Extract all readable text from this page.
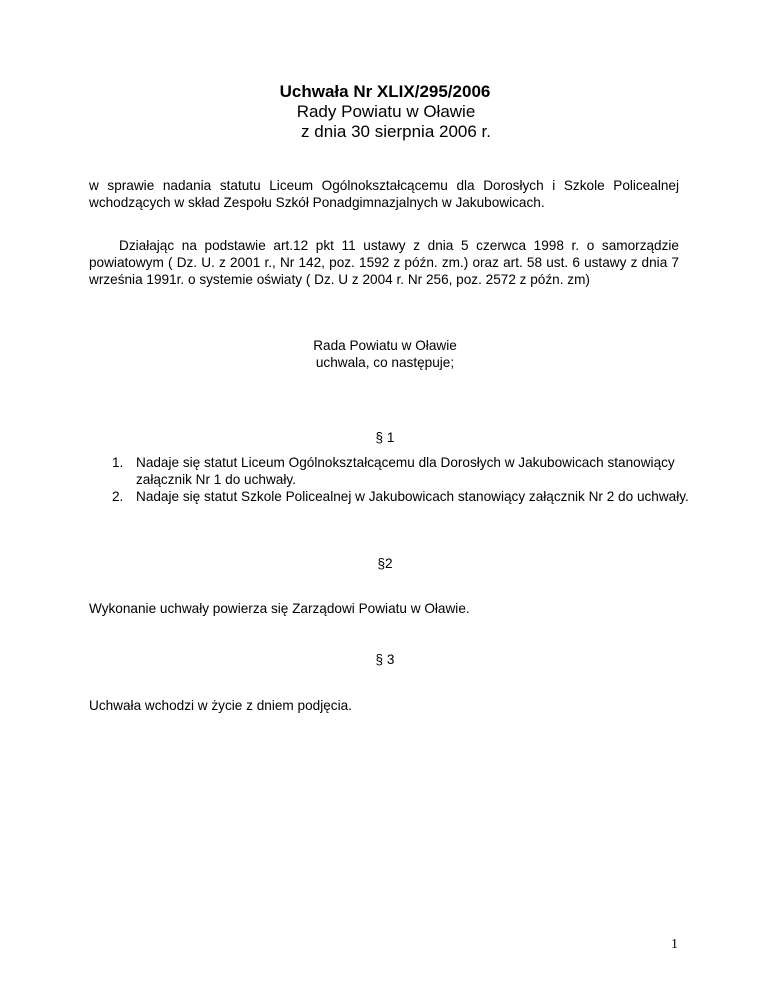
Uchwała Nr XLIX/295/2006
Rady Powiatu w Oławie
z dnia 30 sierpnia 2006 r.
w sprawie nadania statutu Liceum Ogólnokształcącemu dla Dorosłych i Szkole Policealnej wchodzących w skład Zespołu Szkół Ponadgimnazjalnych w Jakubowicach.
Działając na podstawie art.12 pkt 11 ustawy z dnia 5 czerwca 1998 r. o samorządzie powiatowym ( Dz. U. z 2001 r., Nr 142, poz. 1592 z późn. zm.) oraz art. 58 ust. 6 ustawy z dnia 7 września 1991r. o systemie oświaty ( Dz. U z 2004 r. Nr 256, poz. 2572 z późn. zm)
Rada Powiatu w Oławie
uchwala, co następuje;
§ 1
1. Nadaje się statut Liceum Ogólnokształcącemu dla Dorosłych w Jakubowicach stanowiący załącznik Nr 1 do uchwały.
2. Nadaje się statut Szkole Policealnej w Jakubowicach stanowiący załącznik Nr 2 do uchwały.
§2
Wykonanie uchwały powierza się Zarządowi Powiatu w Oławie.
§ 3
Uchwała wchodzi w życie z dniem podjęcia.
1
